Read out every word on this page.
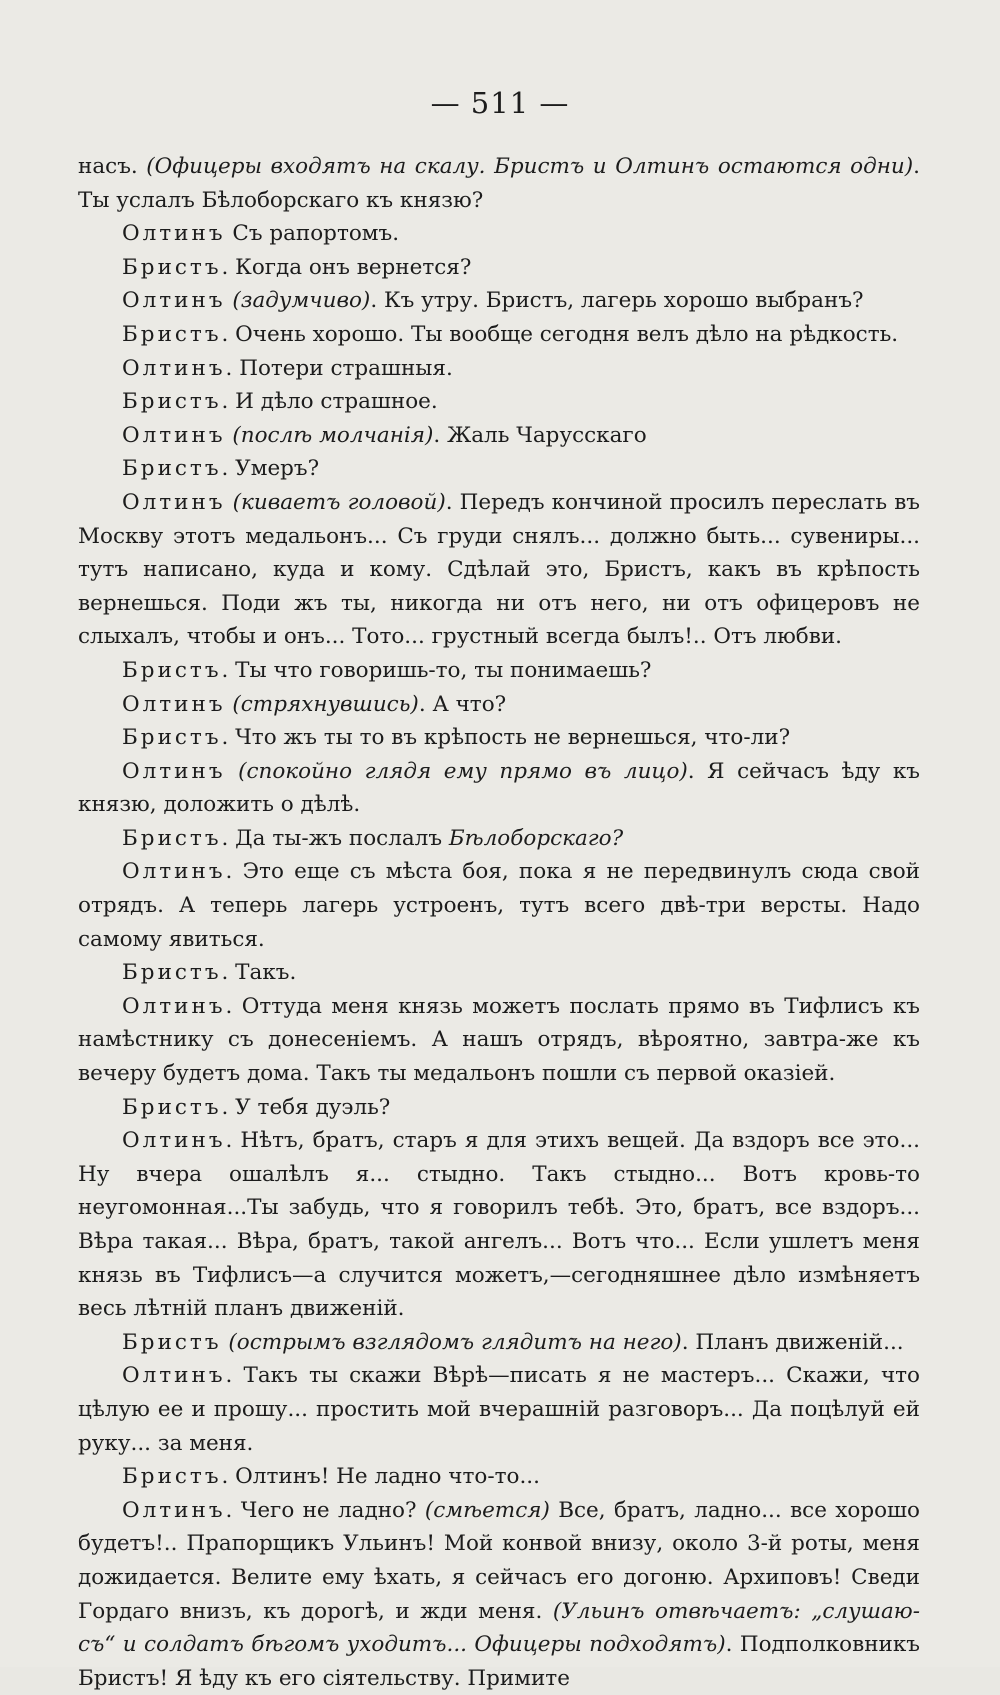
— 511 —

насъ. (Офицеры входятъ на скалу. Бристъ и Олтинъ остаются одни). Ты услалъ Бѣлоборскаго къ князю?

Олтинъ Съ рапортомъ.

Бристъ. Когда онъ вернется?

Олтинъ (задумчиво). Къ утру. Бристъ, лагерь хорошо выбранъ?

Бристъ. Очень хорошо. Ты вообще сегодня велъ дѣло на рѣдкость.

Олтинъ. Потери страшныя.

Бристъ. И дѣло страшное.

Олтинъ (послѣ молчанія). Жаль Чарусскаго

Бристъ. Умеръ?

Олтинъ (киваетъ головой). Передъ кончиной просилъ переслать въ Москву этотъ медальонъ... Съ груди снялъ... должно быть... сувениры... тутъ написано, куда и кому. Сдѣлай это, Бристъ, какъ въ крѣпость вернешься. Поди жъ ты, никогда ни отъ него, ни отъ офицеровъ не слыхалъ, чтобы и онъ... Тото... грустный всегда былъ!.. Отъ любви.

Бристъ. Ты что говоришь-то, ты понимаешь?

Олтинъ (стряхнувшись). А что?

Бристъ. Что жъ ты то въ крѣпость не вернешься, что-ли?

Олтинъ (спокойно глядя ему прямо въ лицо). Я сейчасъ ѣду къ князю, доложить о дѣлѣ.

Бристъ. Да ты-жъ послалъ Бѣлоборскаго?

Олтинъ. Это еще съ мѣста боя, пока я не передвинулъ сюда свой отрядъ. А теперь лагерь устроенъ, тутъ всего двѣ-три версты. Надо самому явиться.

Бристъ. Такъ.

Олтинъ. Оттуда меня князь можетъ послать прямо въ Тифлисъ къ намѣстнику съ донесеніемъ. А нашъ отрядъ, вѣроятно, завтра-же къ вечеру будетъ дома. Такъ ты медальонъ пошли съ первой оказіей.

Бристъ. У тебя дуэль?

Олтинъ. Нѣтъ, братъ, старъ я для этихъ вещей. Да вздоръ все это... Ну вчера ошалѣлъ я... стыдно. Такъ стыдно... Вотъ кровь-то неугомонная...Ты забудь, что я говорилъ тебѣ. Это, братъ, все вздоръ... Вѣра такая... Вѣра, братъ, такой ангелъ... Вотъ что... Если ушлетъ меня князь въ Тифлисъ—а случится можетъ,—сегодняшнее дѣло измѣняетъ весь лѣтній планъ движеній.

Бристъ (острымъ взглядомъ глядитъ на него). Планъ движеній...

Олтинъ. Такъ ты скажи Вѣрѣ—писать я не мастеръ... Скажи, что цѣлую ее и прошу... простить мой вчерашній разговоръ... Да поцѣлуй ей руку... за меня.

Бристъ. Олтинъ! Не ладно что-то...

Олтинъ. Чего не ладно? (смѣется) Все, братъ, ладно... все хорошо будетъ!.. Прапорщикъ Ульинъ! Мой конвой внизу, около 3-й роты, меня дожидается. Велите ему ѣхать, я сейчасъ его догоню. Архиповъ! Сведи Гордаго внизъ, къ дорогѣ, и жди меня. (Ульинъ отвѣчаетъ: „слушаю-съ“ и солдатъ бѣгомъ уходитъ... Офицеры подходятъ). Подполковникъ Бристъ! Я ѣду къ его сіятельству. Примите
